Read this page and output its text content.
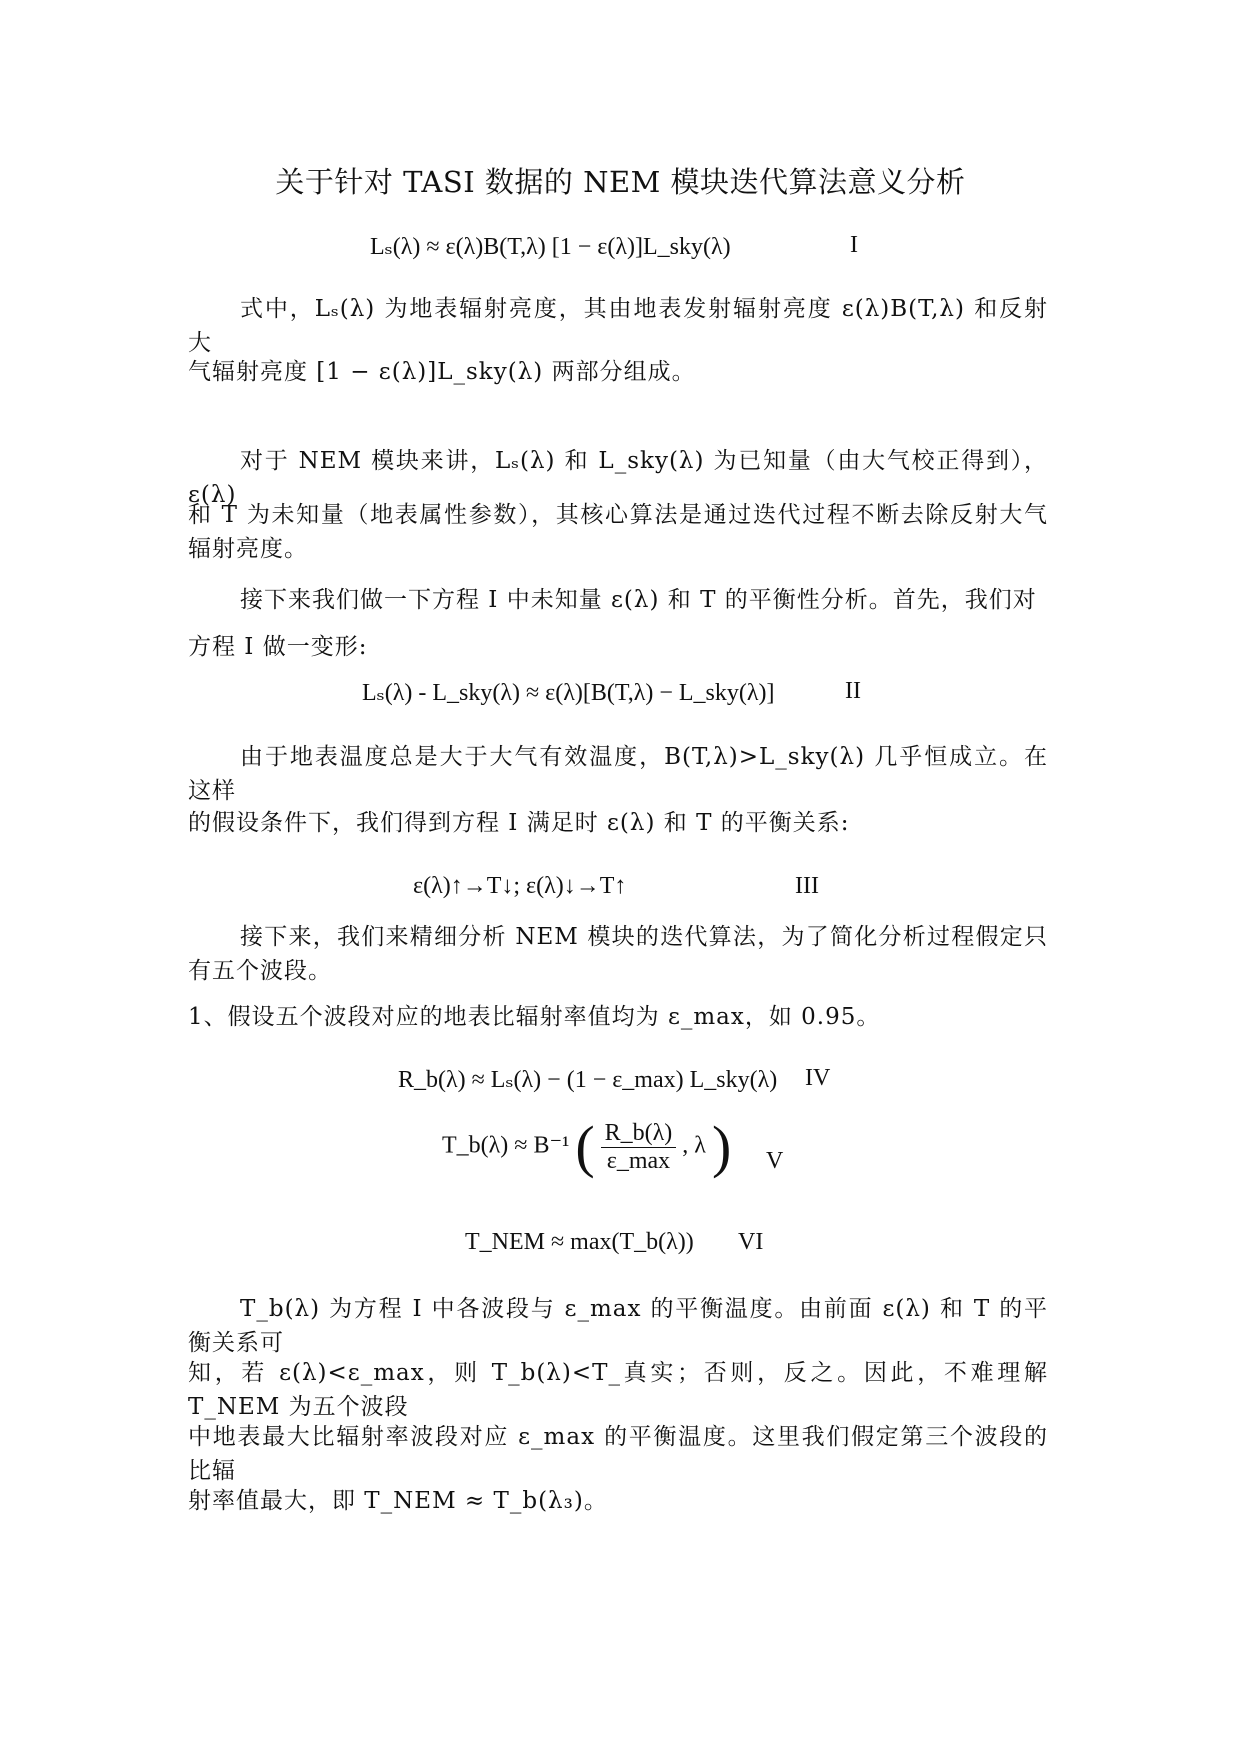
关于针对 TASI 数据的 NEM 模块迭代算法意义分析
Lₛ(λ) ≈ ε(λ)B(T,λ) [1 − ε(λ)]L_sky(λ)	I
式中，Lₛ(λ) 为地表辐射亮度，其由地表发射辐射亮度 ε(λ)B(T,λ) 和反射大
气辐射亮度 [1 − ε(λ)]L_sky(λ) 两部分组成。
对于 NEM 模块来讲，Lₛ(λ) 和 L_sky(λ) 为已知量（由大气校正得到），ε(λ)
和 T 为未知量（地表属性参数），其核心算法是通过迭代过程不断去除反射大气辐射亮度。
接下来我们做一下方程 I 中未知量 ε(λ) 和 T 的平衡性分析。首先，我们对
方程 I 做一变形:
Lₛ(λ) - L_sky(λ) ≈ ε(λ)[B(T,λ) − L_sky(λ)]	II
由于地表温度总是大于大气有效温度，B(T,λ)>L_sky(λ) 几乎恒成立。在这样
的假设条件下，我们得到方程 I 满足时 ε(λ) 和 T 的平衡关系:
ε(λ)↑→T↓; ε(λ)↓→T↑	III
接下来，我们来精细分析 NEM 模块的迭代算法，为了简化分析过程假定只有五个波段。
1、假设五个波段对应的地表比辐射率值均为 ε_max，如 0.95。
R_b(λ) ≈ Lₛ(λ) − (1 − ε_max) L_sky(λ) IV
T_b(λ) ≈ B⁻¹ ( $\frac{R\_b(\lambda)}{\varepsilon\_\max}$ , λ ) V
T_NEM ≈ max(T_b(λ)) VI
T_b(λ) 为方程 I 中各波段与 ε_max 的平衡温度。由前面 ε(λ) 和 T 的平衡关系可
知，若 ε(λ)<ε_max，则 T_b(λ)<T_真实；否则，反之。因此，不难理解 T_NEM 为五个波段
中地表最大比辐射率波段对应 ε_max 的平衡温度。这里我们假定第三个波段的比辐
射率值最大，即 T_NEM ≈ T_b(λ₃)。
